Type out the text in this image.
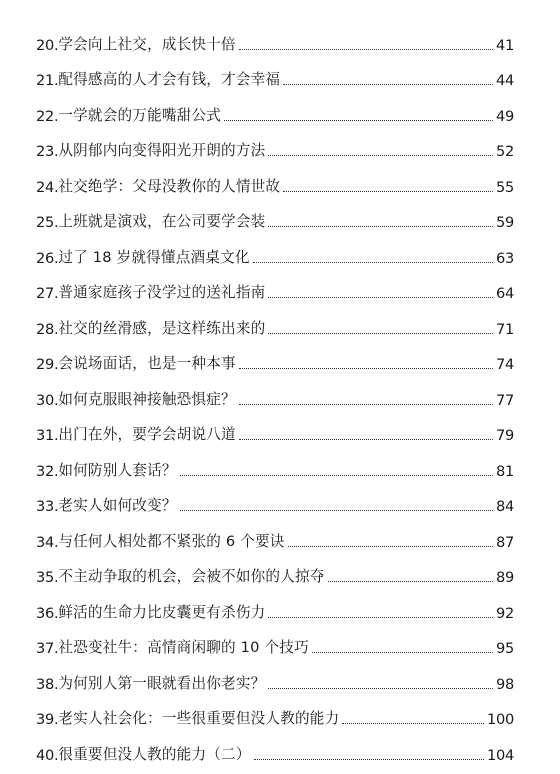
20. 学会向上社交，成长快十倍	41
21. 配得感高的人才会有钱，才会幸福	44
22. 一学就会的万能嘴甜公式	49
23. 从阴郁内向变得阳光开朗的方法	52
24. 社交绝学：父母没教你的人情世故	55
25. 上班就是演戏，在公司要学会装	59
26. 过了 18 岁就得懂点酒桌文化	63
27. 普通家庭孩子没学过的送礼指南	64
28. 社交的丝滑感，是这样练出来的	71
29. 会说场面话，也是一种本事	74
30. 如何克服眼神接触恐惧症？	77
31. 出门在外，要学会胡说八道	79
32. 如何防别人套话？	81
33. 老实人如何改变？	84
34. 与任何人相处都不紧张的 6 个要诀	87
35. 不主动争取的机会，会被不如你的人掠夺	89
36. 鲜活的生命力比皮囊更有杀伤力	92
37. 社恐变社牛：高情商闲聊的 10 个技巧	95
38. 为何别人第一眼就看出你老实？	98
39. 老实人社会化：一些很重要但没人教的能力	100
40. 很重要但没人教的能力（二）	104
